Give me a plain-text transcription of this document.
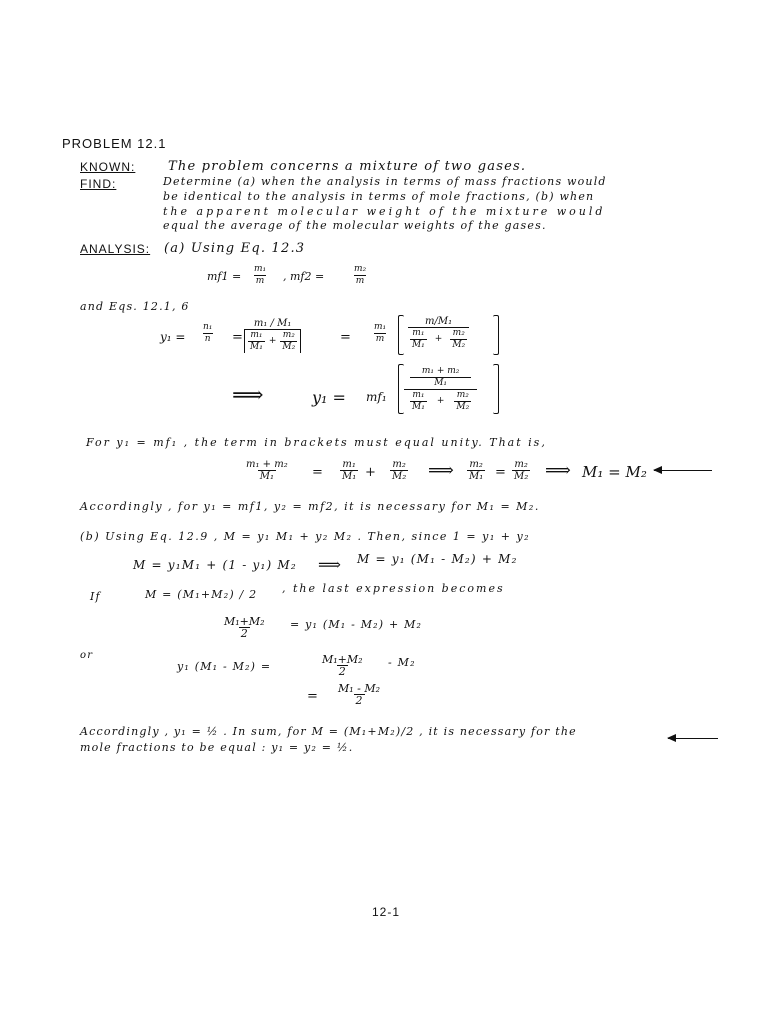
PROBLEM 12.1
KNOWN:	The problem concerns a mixture of two gases.
FIND:	Determine (a) when the analysis in terms of mass fractions would
be identical to the analysis in terms of mole fractions, (b) when
the apparent molecular weight of the mixture would
equal the average of the molecular weights of the gases.
ANALYSIS: (a) Using Eq. 12.3
$mf1 = \frac{\text{m₁}}{m}$ , mf2 =	$\frac{\text{m₂}}{m}$
and Eqs. 12.1, 6
$y_1 = \frac{\text{n₁}}{n} = \frac{\text{m₁ / M₁}}{\frac{\text{m₁}}{\text{M₁}} + \frac{\text{m₂}}{\text{M₂}}}$	= $\frac{\text{m₁}}{m} \frac{\text{m/M₁}}{\frac{\text{m₁}}{\text{M₁}} + \frac{\text{m₂}}{\text{M₂}}}$
⟹	y₁ = mf₁ m₁ + m₂
M₁
$\frac{\text{m₁}}{\text{M₁}} + \frac{\text{m₂}}{\text{M₂}}$
For y₁ = mf₁ , the term in brackets must equal unity. That is,
$\frac{\text{m₁ + m₂}}{\text{M₁}} = \frac{\text{m₁}}{\text{M₁}} + \frac{\text{m₂}}{\text{M₂}}$ ⟹ $\frac{\text{m₂}}{\text{M₁}} = \frac{\text{m₂}}{\text{M₂}}$ ⟹ M₁ = M₂
Accordingly , for y₁ = mf1, y₂ = mf2, it is necessary for M₁ = M₂.
(b) Using Eq. 12.9 , M = y₁ M₁ + y₂ M₂ . Then, since 1 = y₁ + y₂
M = y₁M₁ + (1 - y₁) M₂ ⟹ M = y₁ (M₁ - M₂) + M₂
If	M = (M₁+M₂) / 2 , the last expression becomes
$\frac{\text{M₁+M₂}}{2} = y_1$ (M₁ - M₂) + M₂
or
y₁ (M₁ - M₂) =	$\frac{\text{M₁+M₂}}{2} - M_2$
= $\frac{\text{M₁ - M₂}}{2}$
Accordingly , y₁ = ½ . In sum, for M = (M₁+M₂)/2 , it is necessary for the
mole fractions to be equal : y₁ = y₂ = ½.
12-1
